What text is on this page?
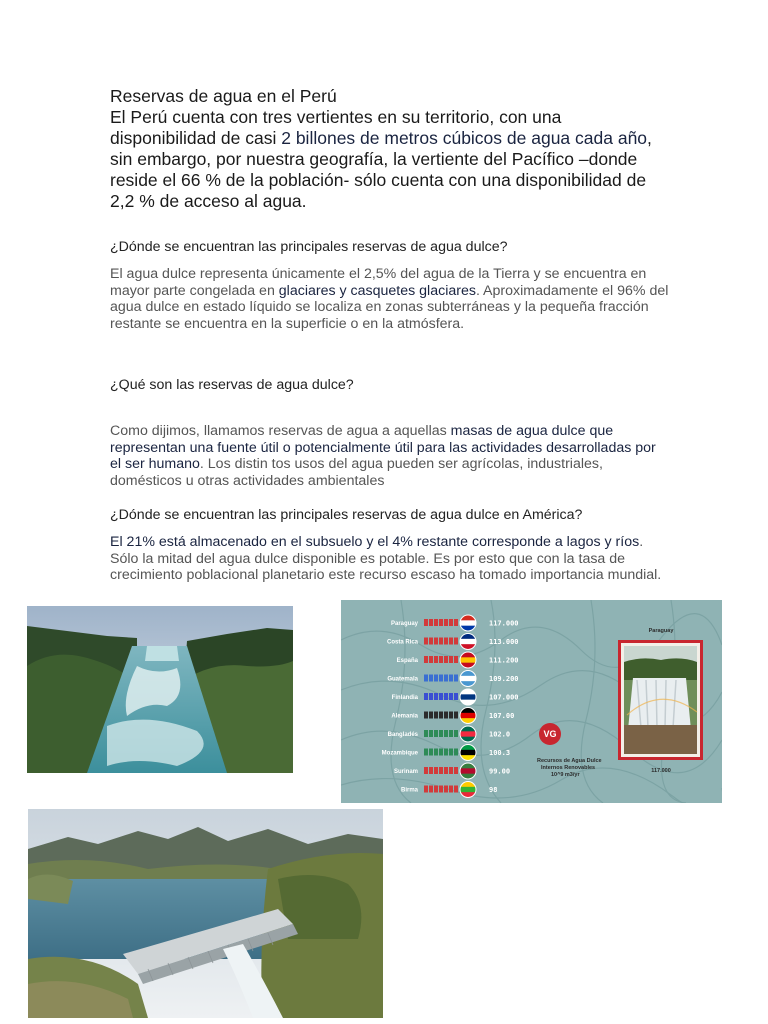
Reservas de agua en el Perú

El Perú cuenta con tres vertientes en su territorio, con una disponibilidad de casi 2 billones de metros cúbicos de agua cada año, sin embargo, por nuestra geografía, la vertiente del Pacífico –donde reside el 66 % de la población- sólo cuenta con una disponibilidad de 2,2 % de acceso al agua.

¿Dónde se encuentran las principales reservas de agua dulce?

El agua dulce representa únicamente el 2,5% del agua de la Tierra y se encuentra en mayor parte congelada en glaciares y casquetes glaciares. Aproximadamente el 96% del agua dulce en estado líquido se localiza en zonas subterráneas y la pequeña fracción restante se encuentra en la superficie o en la atmósfera.

¿Qué son las reservas de agua dulce?

Como dijimos, llamamos reservas de agua a aquellas masas de agua dulce que representan una fuente útil o potencialmente útil para las actividades desarrolladas por el ser humano. Los distin tos usos del agua pueden ser agrícolas, industriales, domésticos u otras actividades ambientales

¿Dónde se encuentran las principales reservas de agua dulce en América?

El 21% está almacenado en el subsuelo y el 4% restante corresponde a lagos y ríos. Sólo la mitad del agua dulce disponible es potable. Es por esto que con la tasa de crecimiento poblacional planetario este recurso escaso ha tomado importancia mundial.

Paraguay	117.000
Costa Rica	113.000
España	111.200
Guatemala	109.200
Finlandia	107.000
Alemania	107.00
Bangladés	102.0
Mozambique	100.3
Surinam	99.00
Birma	98
VG
Recursos de Agua Dulce Internos Renovables 10^9 m3/yr
Paraguay
117.000
